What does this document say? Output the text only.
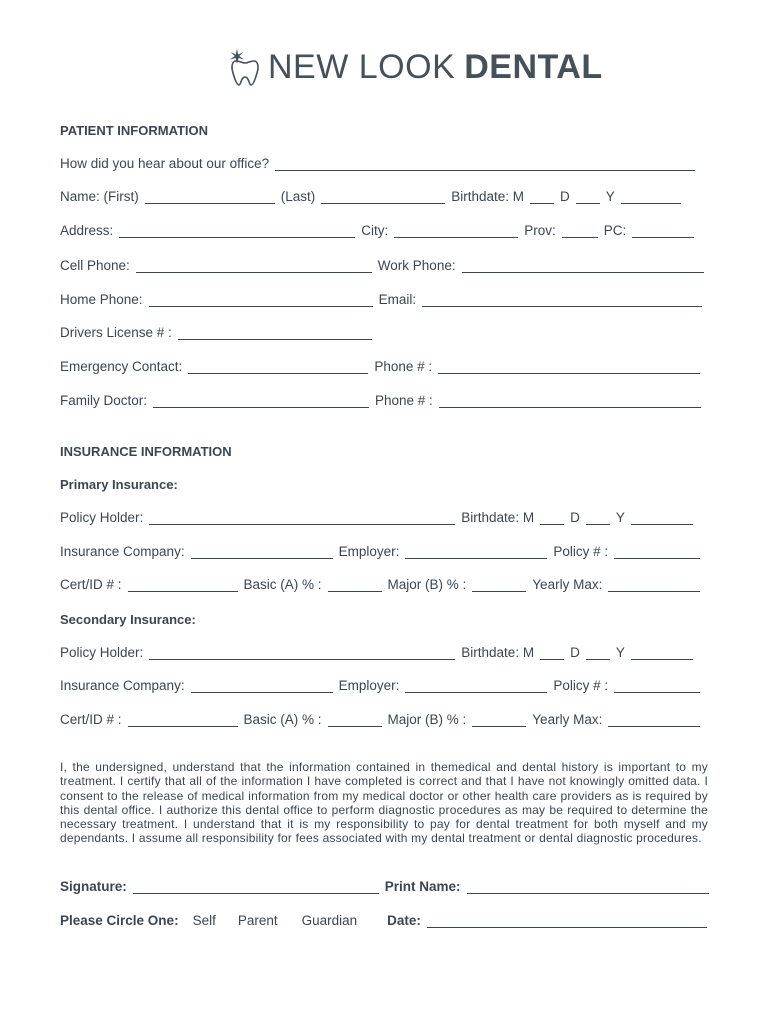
NEW LOOK DENTAL
PATIENT INFORMATION
How did you hear about our office?
Name: (First)	(Last)	Birthdate: M	D	Y
Address:	City:	Prov:	PC:
Cell Phone:	Work Phone:
Home Phone:	Email:
Drivers License # :
Emergency Contact:	Phone # :
Family Doctor:	Phone # :
INSURANCE INFORMATION
Primary Insurance:
Policy Holder:	Birthdate: M	D	Y
Insurance Company:	Employer:	Policy # :
Cert/ID # :	Basic (A) % :	Major (B) % :	Yearly Max:
Secondary Insurance:
Policy Holder:	Birthdate: M	D	Y
Insurance Company:	Employer:	Policy # :
Cert/ID # :	Basic (A) % :	Major (B) % :	Yearly Max:
I, the undersigned, understand that the information contained in themedical and dental history is important to my treatment. I certify that all of the information I have completed is correct and that I have not knowingly omitted data. I consent to the release of medical information from my medical doctor or other health care providers as is required by this dental office. I authorize this dental office to perform diagnostic procedures as may be required to determine the necessary treatment. I understand that it is my responsibility to pay for dental treatment for both myself and my dependants. I assume all responsibility for fees associated with my dental treatment or dental diagnostic procedures.
Signature:	Print Name:
Please Circle One: Self Parent Guardian Date:
